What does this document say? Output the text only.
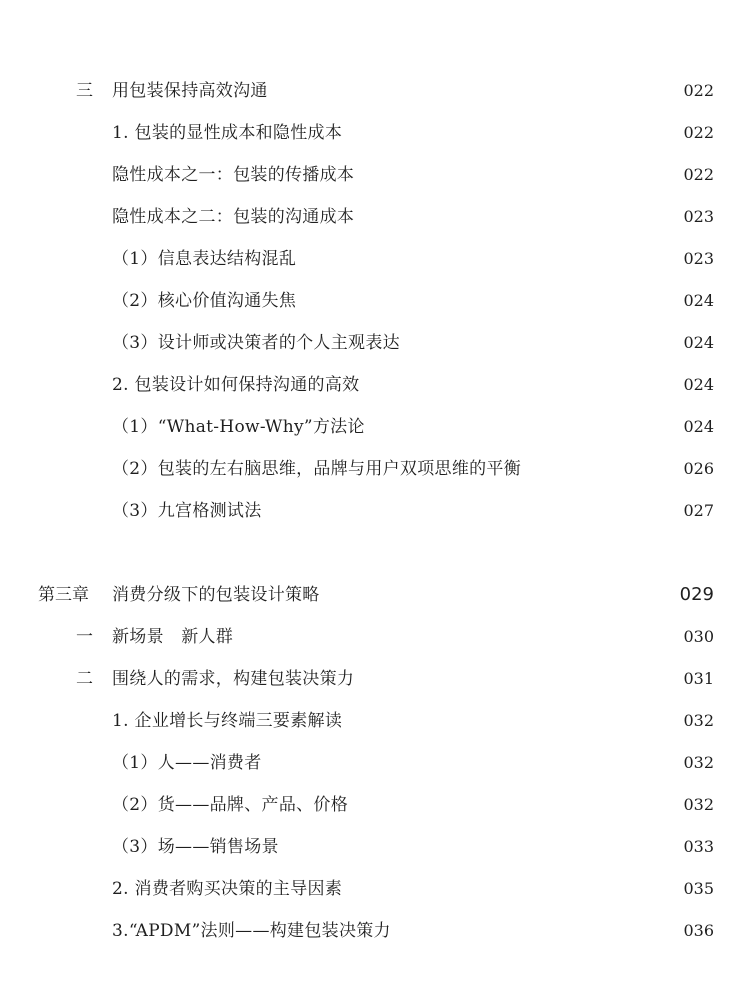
三 用包装保持高效沟通	022
1. 包装的显性成本和隐性成本	022
隐性成本之一：包装的传播成本	022
隐性成本之二：包装的沟通成本	023
（1）信息表达结构混乱	023
（2）核心价值沟通失焦	024
（3）设计师或决策者的个人主观表达	024
2. 包装设计如何保持沟通的高效	024
（1）“What-How-Why”方法论	024
（2）包装的左右脑思维，品牌与用户双项思维的平衡	026
（3）九宫格测试法	027
第三章 消费分级下的包装设计策略	029
一 新场景　新人群	030
二 围绕人的需求，构建包装决策力	031
1. 企业增长与终端三要素解读	032
（1）人——消费者	032
（2）货——品牌、产品、价格	032
（3）场——销售场景	033
2. 消费者购买决策的主导因素	035
3.“APDM”法则——构建包装决策力	036
